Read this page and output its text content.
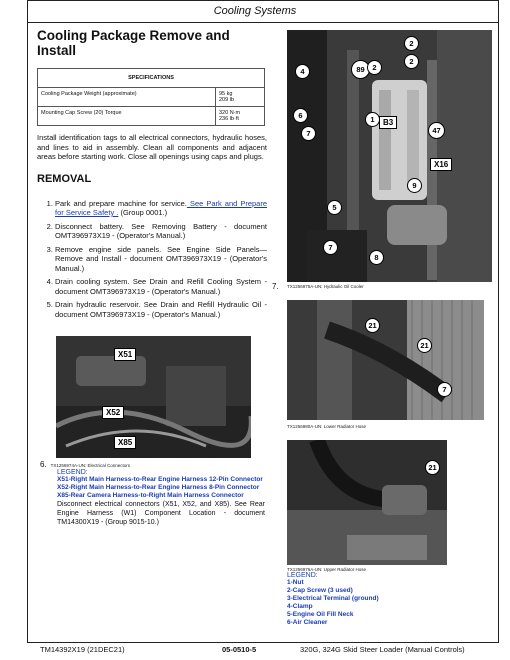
Cooling Systems
Cooling Package Remove and Install
SPECIFICATIONS	
Cooling Package Weight (approximate)	95 kg
209 lb

Mounting Cap Screw (20) Torque	320 N·m
236 lb·ft
Install identification tags to all electrical connectors, hydraulic hoses, and lines to aid in assembly. Clean all components and adjacent areas before starting work. Close all openings using caps and plugs.
REMOVAL
1. Park and prepare machine for service. See Park and Prepare for Service Safety . (Group 0001.)
2. Disconnect battery. See Removing Battery - document OMT396973X19 - (Operator's Manual.)
3. Remove engine side panels. See Engine Side Panels—Remove and Install - document OMT396973X19 - (Operator's Manual.)
4. Drain cooling system. See Drain and Refill Cooling System - document OMT396973X19 - (Operator's Manual.)
5. Drain hydraulic reservoir. See Drain and Refill Hydraulic Oil - document OMT396973X19 - (Operator's Manual.)
2
2
4	89	2
6	1	B3
47
7
X16
9
5
7
8
TX1256975A-UN: Hydraulic Oil Cooler
7.
X51
X52
X85
6. TX1256974A-UN: Electrical Connectors
LEGEND:
X51-Right Main Harness-to-Rear Engine Harness 12-Pin Connector
X52-Right Main Harness-to-Rear Engine Harness 8-Pin Connector
X85-Rear Camera Harness-to-Right Main Harness Connector
Disconnect electrical connectors (X51, X52, and X85). See Rear Engine Harness (W1) Component Location - document TM14300X19 - (Group 9015-10.)
21
21
7
TX1256980A-UN: Lower Radiator Hose
21
TX1256976A-UN: Upper Radiator Hose
LEGEND:
1-Nut
2-Cap Screw (3 used)
3-Electrical Terminal (ground)
4-Clamp
5-Engine Oil Fill Neck
6-Air Cleaner
TM14392X19 (21DEC21)	05-0510-5	320G, 324G Skid Steer Loader (Manual Controls)
